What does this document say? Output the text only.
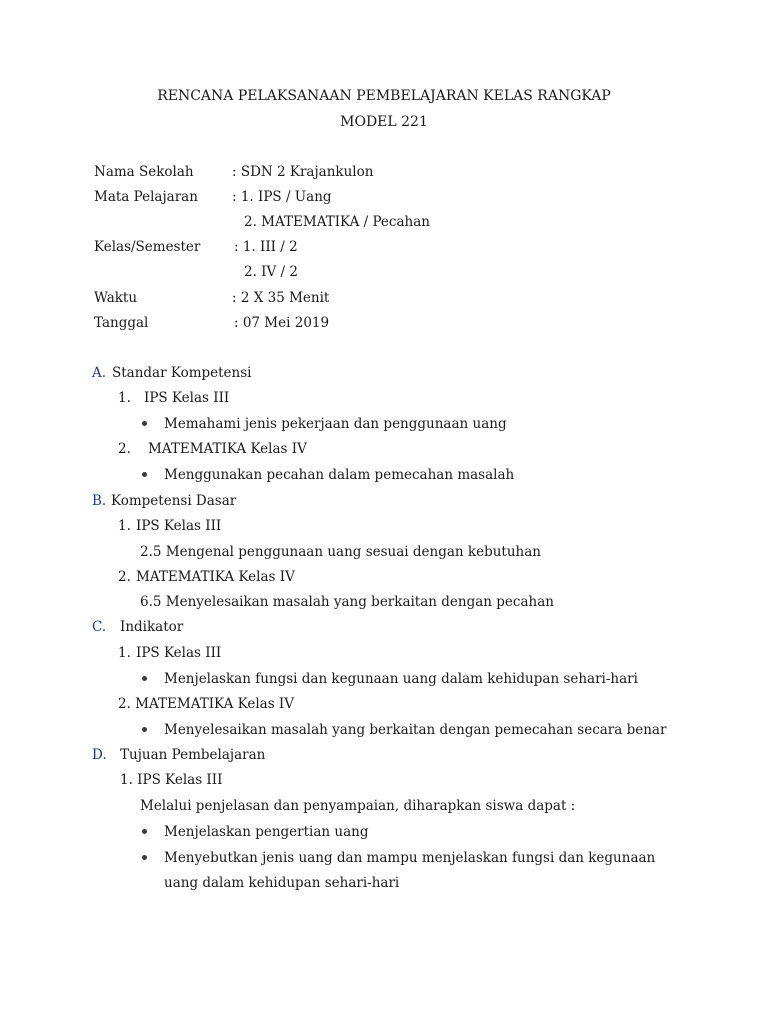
RENCANA PELAKSANAAN PEMBELAJARAN KELAS RANGKAP
MODEL 221
Nama Sekolah	: SDN 2 Krajankulon
Mata Pelajaran	: 1. IPS / Uang
2. MATEMATIKA / Pecahan
Kelas/Semester : 1. III / 2
2. IV / 2
Waktu	: 2 X 35 Menit
Tanggal	: 07 Mei 2019
A. Standar Kompetensi
1. IPS Kelas III
Memahami jenis pekerjaan dan penggunaan uang
2. MATEMATIKA Kelas IV
Menggunakan pecahan dalam pemecahan masalah
B. Kompetensi Dasar
1. IPS Kelas III
2.5 Mengenal penggunaan uang sesuai dengan kebutuhan
2. MATEMATIKA Kelas IV
6.5 Menyelesaikan masalah yang berkaitan dengan pecahan
C. Indikator
1. IPS Kelas III
Menjelaskan fungsi dan kegunaan uang dalam kehidupan sehari-hari
2. MATEMATIKA Kelas IV
Menyelesaikan masalah yang berkaitan dengan pemecahan secara benar
D. Tujuan Pembelajaran
1. IPS Kelas III
Melalui penjelasan dan penyampaian, diharapkan siswa dapat :
Menjelaskan pengertian uang
Menyebutkan jenis uang dan mampu menjelaskan fungsi dan kegunaan
uang dalam kehidupan sehari-hari
